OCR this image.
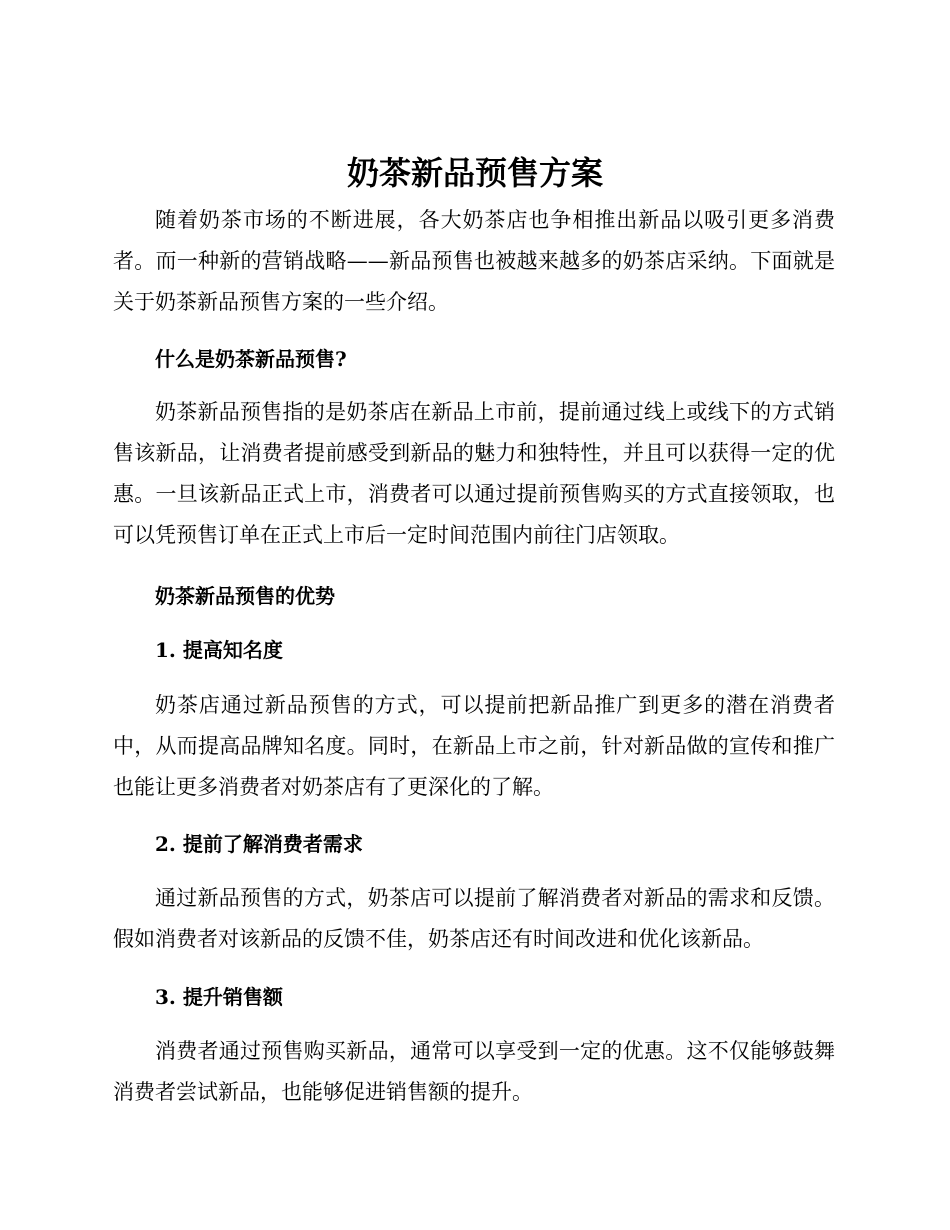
奶茶新品预售方案

随着奶茶市场的不断进展，各大奶茶店也争相推出新品以吸引更多消费者。而一种新的营销战略——新品预售也被越来越多的奶茶店采纳。下面就是关于奶茶新品预售方案的一些介绍。

什么是奶茶新品预售?

奶茶新品预售指的是奶茶店在新品上市前，提前通过线上或线下的方式销售该新品，让消费者提前感受到新品的魅力和独特性，并且可以获得一定的优惠。一旦该新品正式上市，消费者可以通过提前预售购买的方式直接领取，也可以凭预售订单在正式上市后一定时间范围内前往门店领取。

奶茶新品预售的优势
1. 提高知名度

奶茶店通过新品预售的方式，可以提前把新品推广到更多的潜在消费者中，从而提高品牌知名度。同时，在新品上市之前，针对新品做的宣传和推广也能让更多消费者对奶茶店有了更深化的了解。

2. 提前了解消费者需求

通过新品预售的方式，奶茶店可以提前了解消费者对新品的需求和反馈。假如消费者对该新品的反馈不佳，奶茶店还有时间改进和优化该新品。

3. 提升销售额

消费者通过预售购买新品，通常可以享受到一定的优惠。这不仅能够鼓舞消费者尝试新品，也能够促进销售额的提升。
